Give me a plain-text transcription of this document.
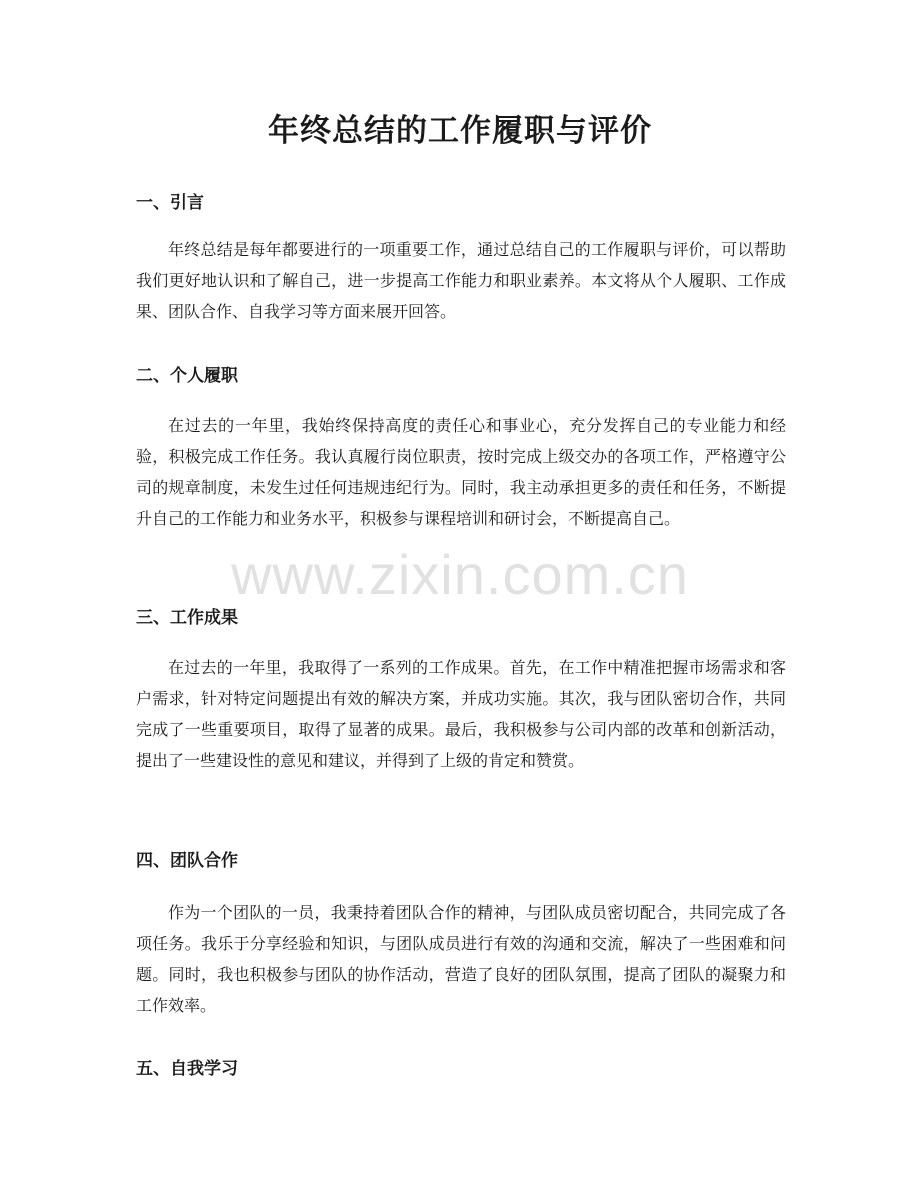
年终总结的工作履职与评价
一、引言

年终总结是每年都要进行的一项重要工作，通过总结自己的工作履职与评价，可以帮助我们更好地认识和了解自己，进一步提高工作能力和职业素养。本文将从个人履职、工作成果、团队合作、自我学习等方面来展开回答。

二、个人履职

在过去的一年里，我始终保持高度的责任心和事业心，充分发挥自己的专业能力和经验，积极完成工作任务。我认真履行岗位职责，按时完成上级交办的各项工作，严格遵守公司的规章制度，未发生过任何违规违纪行为。同时，我主动承担更多的责任和任务，不断提升自己的工作能力和业务水平，积极参与课程培训和研讨会，不断提高自己。

三、工作成果

在过去的一年里，我取得了一系列的工作成果。首先，在工作中精准把握市场需求和客户需求，针对特定问题提出有效的解决方案，并成功实施。其次，我与团队密切合作，共同完成了一些重要项目，取得了显著的成果。最后，我积极参与公司内部的改革和创新活动，提出了一些建设性的意见和建议，并得到了上级的肯定和赞赏。

四、团队合作

作为一个团队的一员，我秉持着团队合作的精神，与团队成员密切配合，共同完成了各项任务。我乐于分享经验和知识，与团队成员进行有效的沟通和交流，解决了一些困难和问题。同时，我也积极参与团队的协作活动，营造了良好的团队氛围，提高了团队的凝聚力和工作效率。

五、自我学习
www.zixin.com.cn
